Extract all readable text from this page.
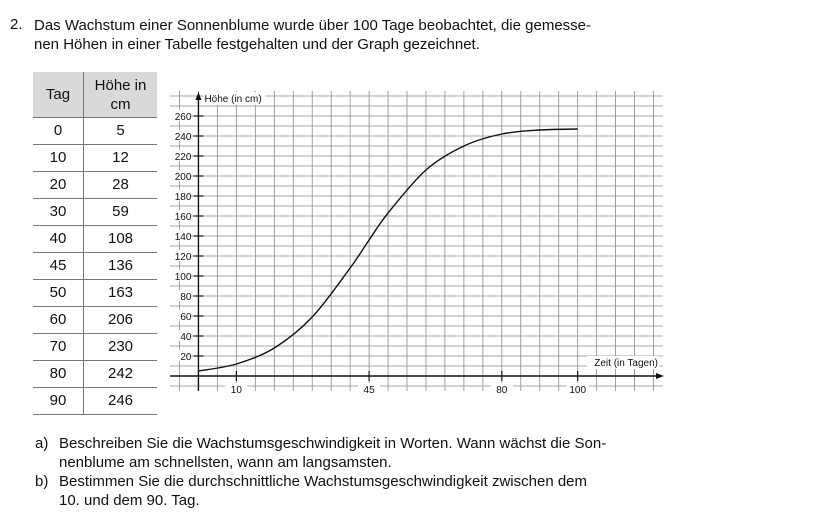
2. Das Wachstum einer Sonnenblume wurde über 100 Tage beobachtet, die gemesse-
nen Höhen in einer Tabelle festgehalten und der Graph gezeichnet.
Tag	Höhe in
cm

0	5
10	12
20	28
30	59
40	108
45	136
50	163
60	206
70	230
80	242
90	246
20
40
60
80
100
120
140
160
180
200
220
240
260
10	45	80	100
Höhe (in cm)
Zeit (in Tagen)
a) Beschreiben Sie die Wachstumsgeschwindigkeit in Worten. Wann wächst die Son-
nenblume am schnellsten, wann am langsamsten.
b) Bestimmen Sie die durchschnittliche Wachstumsgeschwindigkeit zwischen dem
10. und dem 90. Tag.
